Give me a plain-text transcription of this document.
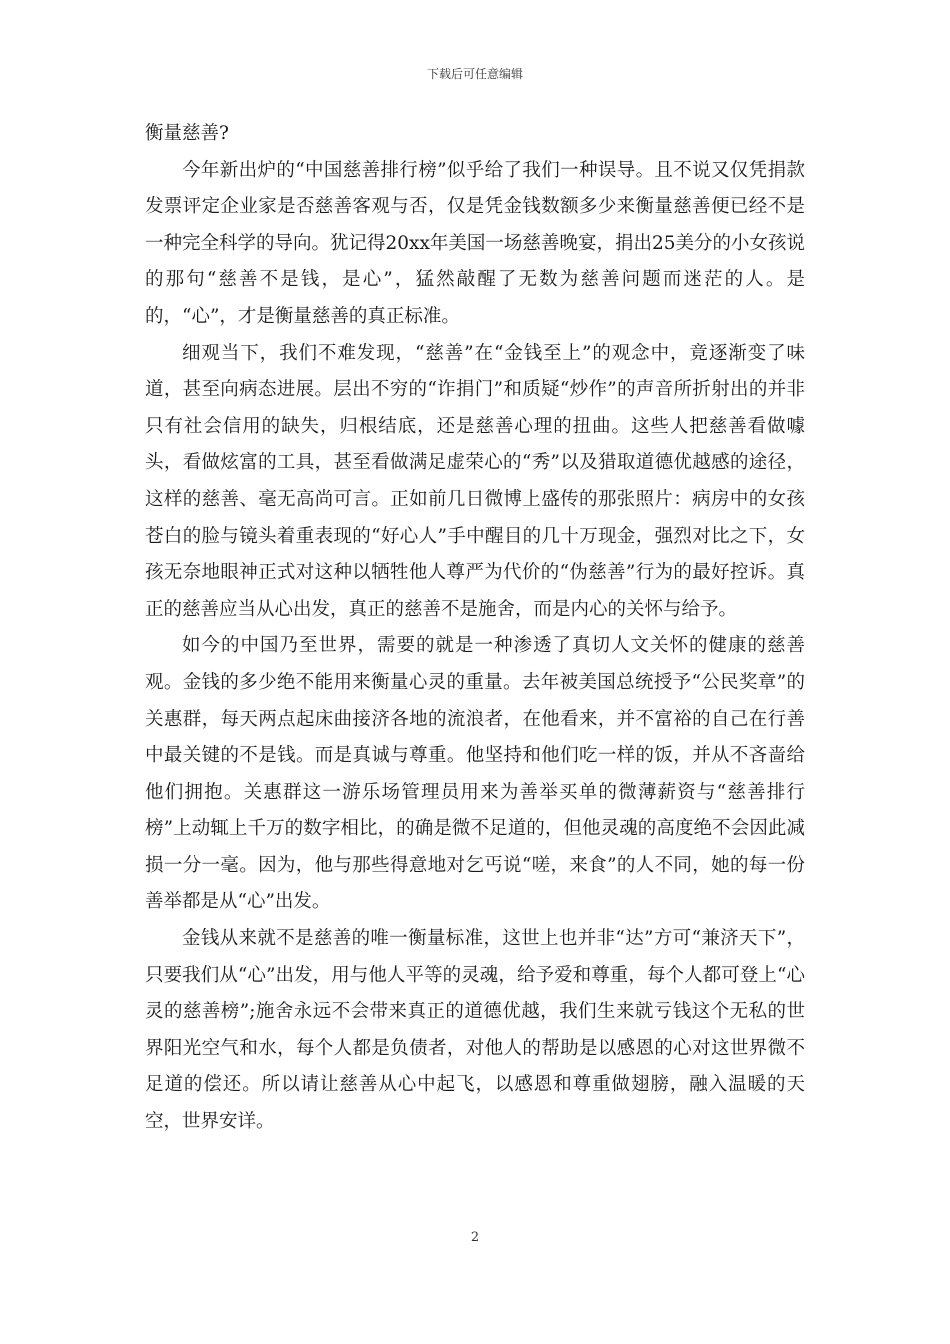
下载后可任意编辑

衡量慈善?

今年新出炉的“中国慈善排行榜”似乎给了我们一种误导。且不说又仅凭捐款发票评定企业家是否慈善客观与否，仅是凭金钱数额多少来衡量慈善便已经不是一种完全科学的导向。犹记得20xx年美国一场慈善晚宴，捐出25美分的小女孩说的那句“慈善不是钱，是心”，猛然敲醒了无数为慈善问题而迷茫的人。是的，“心”，才是衡量慈善的真正标准。

细观当下，我们不难发现，“慈善”在“金钱至上”的观念中，竟逐渐变了味道，甚至向病态进展。层出不穷的“诈捐门”和质疑“炒作”的声音所折射出的并非只有社会信用的缺失，归根结底，还是慈善心理的扭曲。这些人把慈善看做噱头，看做炫富的工具，甚至看做满足虚荣心的“秀”以及猎取道德优越感的途径，这样的慈善、毫无高尚可言。正如前几日微博上盛传的那张照片：病房中的女孩苍白的脸与镜头着重表现的“好心人”手中醒目的几十万现金，强烈对比之下，女孩无奈地眼神正式对这种以牺牲他人尊严为代价的“伪慈善”行为的最好控诉。真正的慈善应当从心出发，真正的慈善不是施舍，而是内心的关怀与给予。

如今的中国乃至世界，需要的就是一种渗透了真切人文关怀的健康的慈善观。金钱的多少绝不能用来衡量心灵的重量。去年被美国总统授予“公民奖章”的关惠群，每天两点起床曲接济各地的流浪者，在他看来，并不富裕的自己在行善中最关键的不是钱。而是真诚与尊重。他坚持和他们吃一样的饭，并从不吝啬给他们拥抱。关惠群这一游乐场管理员用来为善举买单的微薄薪资与“慈善排行榜”上动辄上千万的数字相比，的确是微不足道的，但他灵魂的高度绝不会因此减损一分一毫。因为，他与那些得意地对乞丐说“嗟，来食”的人不同，她的每一份善举都是从“心”出发。

金钱从来就不是慈善的唯一衡量标准，这世上也并非“达”方可“兼济天下”，只要我们从“心”出发，用与他人平等的灵魂，给予爱和尊重，每个人都可登上“心灵的慈善榜”;施舍永远不会带来真正的道德优越，我们生来就亏钱这个无私的世界阳光空气和水，每个人都是负债者，对他人的帮助是以感恩的心对这世界微不足道的偿还。所以请让慈善从心中起飞，以感恩和尊重做翅膀，融入温暖的天空，世界安详。

2
